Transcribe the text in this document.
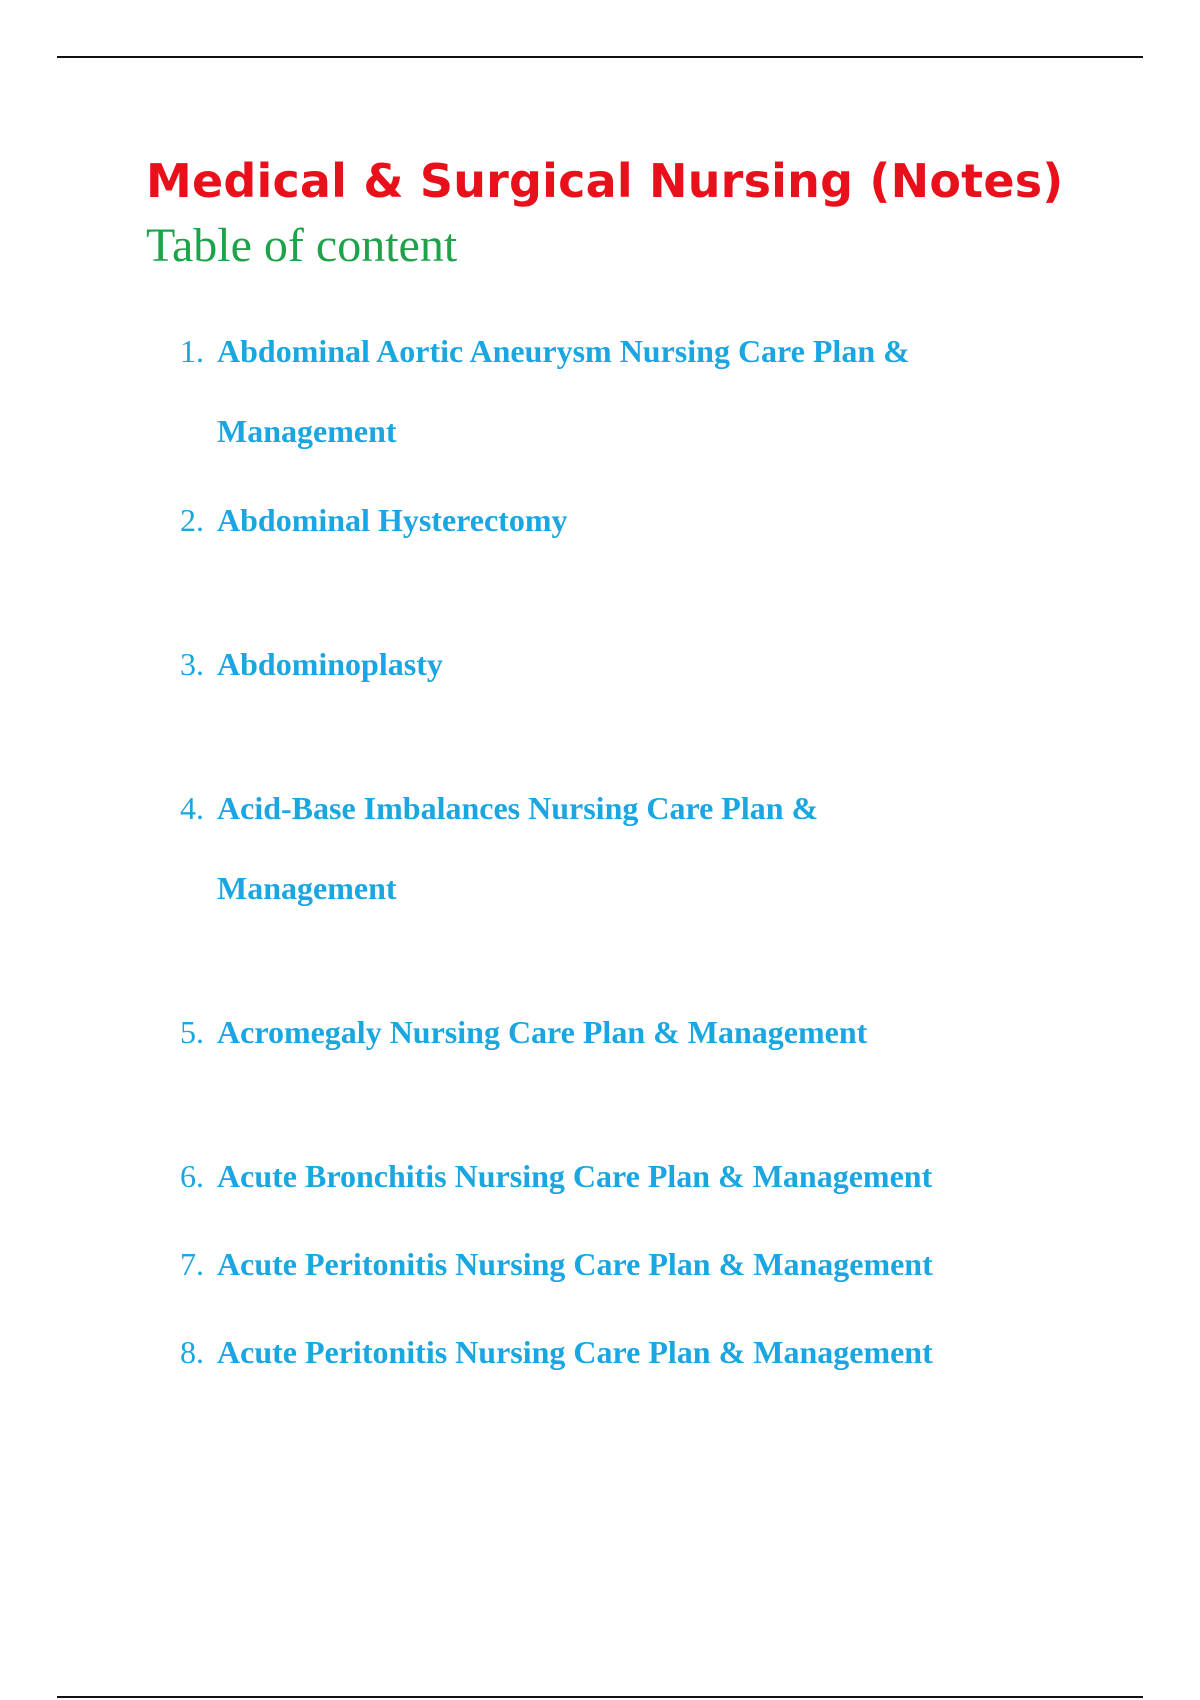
Medical & Surgical Nursing (Notes)
Table of content
1. Abdominal Aortic Aneurysm Nursing Care Plan & Management
2. Abdominal Hysterectomy
3. Abdominoplasty
4. Acid-Base Imbalances Nursing Care Plan & Management
5. Acromegaly Nursing Care Plan & Management
6. Acute Bronchitis Nursing Care Plan & Management
7. Acute Peritonitis Nursing Care Plan & Management
8. Acute Peritonitis Nursing Care Plan & Management
